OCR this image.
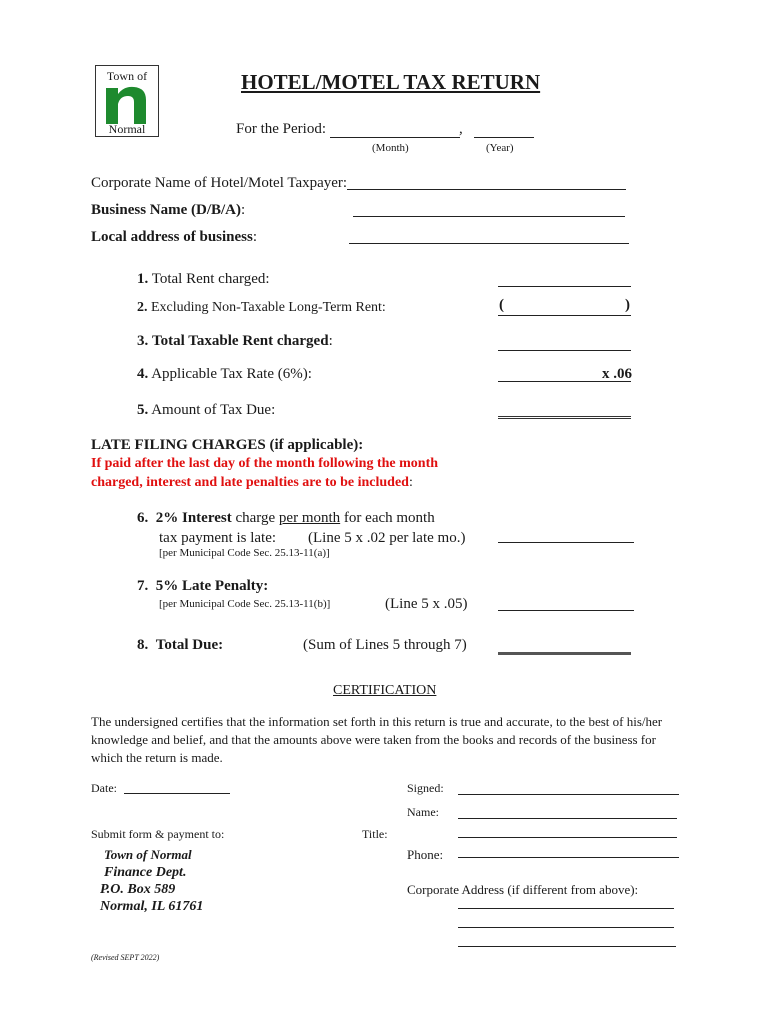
Town of
Normal
HOTEL/MOTEL TAX RETURN
For the Period:	,
(Month)	(Year)
Corporate Name of Hotel/Motel Taxpayer:
Business Name (D/B/A):
Local address of business:
1. Total Rent charged:
2. Excluding Non-Taxable Long-Term Rent:	(	)
3. Total Taxable Rent charged:
4. Applicable Tax Rate (6%):	x .06
5. Amount of Tax Due:
LATE FILING CHARGES (if applicable):
If paid after the last day of the month following the month
charged, interest and late penalties are to be included:
6. 2% Interest charge per month for each month
tax payment is late: (Line 5 x .02 per late mo.)
[per Municipal Code Sec. 25.13-11(a)]
7. 5% Late Penalty:
[per Municipal Code Sec. 25.13-11(b)]	(Line 5 x .05)
8. Total Due:	(Sum of Lines 5 through 7)
CERTIFICATION
The undersigned certifies that the information set forth in this return is true and accurate, to the best of his/her
knowledge and belief, and that the amounts above were taken from the books and records of the business for
which the return is made.
Date:	Signed:
Name:
Submit form & payment to:	Title:
Town of Normal	Phone:
Finance Dept.
P.O. Box 589	Corporate Address (if different from above):
Normal, IL 61761
(Revised SEPT 2022)
